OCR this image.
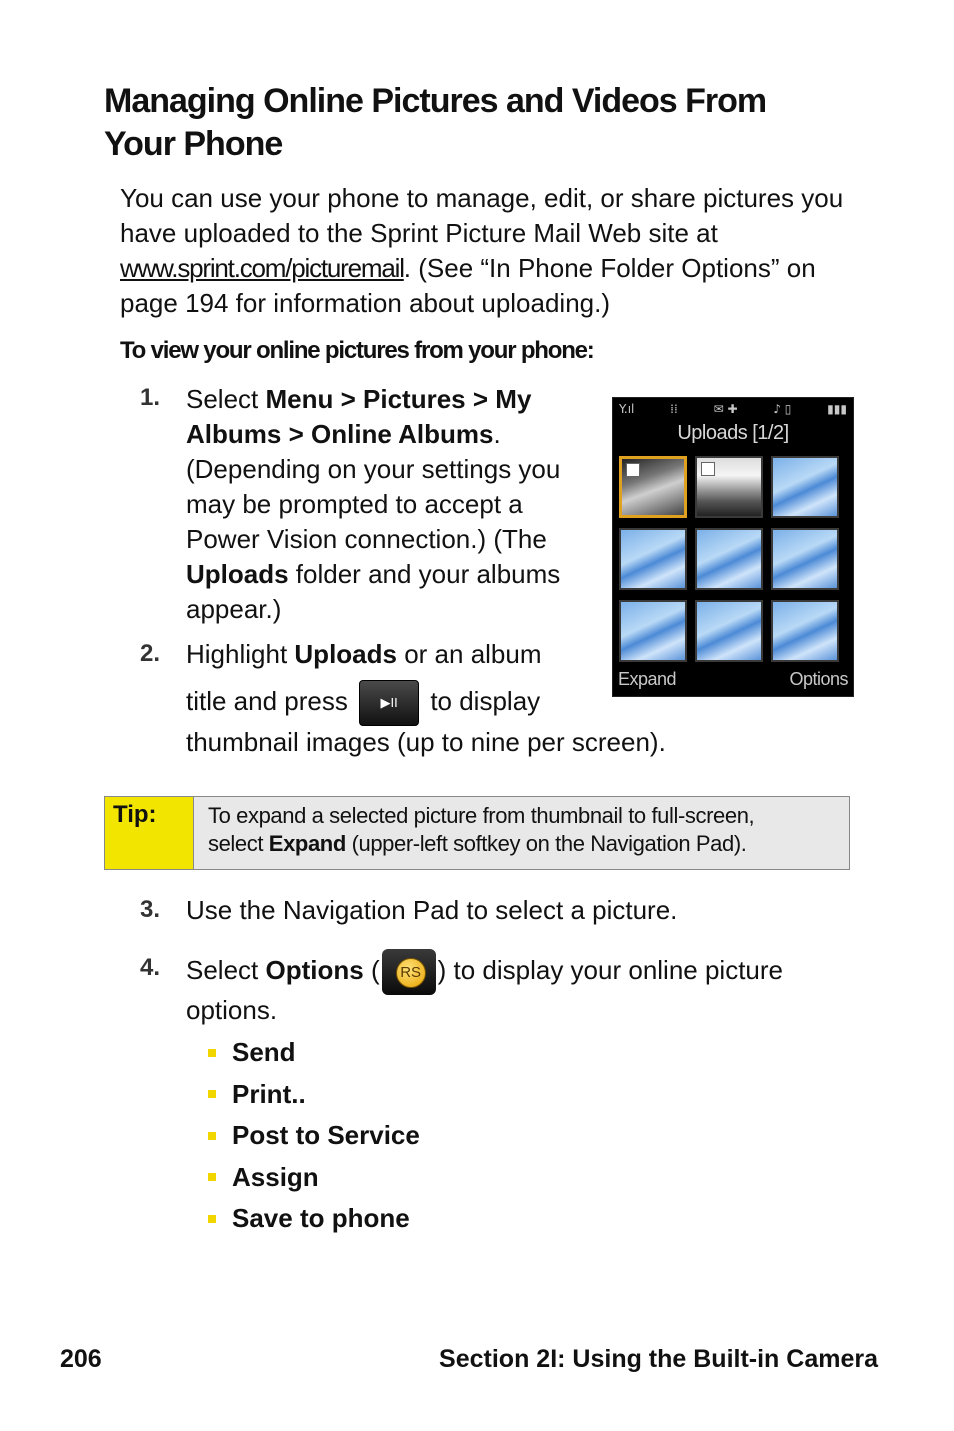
Managing Online Pictures and Videos From
Your Phone

You can use your phone to manage, edit, or share pictures you have uploaded to the Sprint Picture Mail Web site at www.sprint.com/picturemail. (See “In Phone Folder Options” on page 194 for information about uploading.)

To view your online pictures from your phone:

1. Select Menu > Pictures > My Albums > Online Albums. (Depending on your settings you may be prompted to accept a Power Vision connection.) (The Uploads folder and your albums appear.)
2. Highlight Uploads or an album
title and press ▶II to display
thumbnail images (up to nine per screen).
Y.ıl	⁞⁞	✉ ✚	♪ ▯	▮▮▮
Uploads [1/2]
Expand	Options
Tip:	To expand a selected picture from thumbnail to full-screen,
select Expand (upper-left softkey on the Navigation Pad).
3. Use the Navigation Pad to select a picture.
4. Select Options (	RS ) to display your online picture
options.
Send
Print..
Post to Service
Assign
Save to phone
206	Section 2I: Using the Built-in Camera
